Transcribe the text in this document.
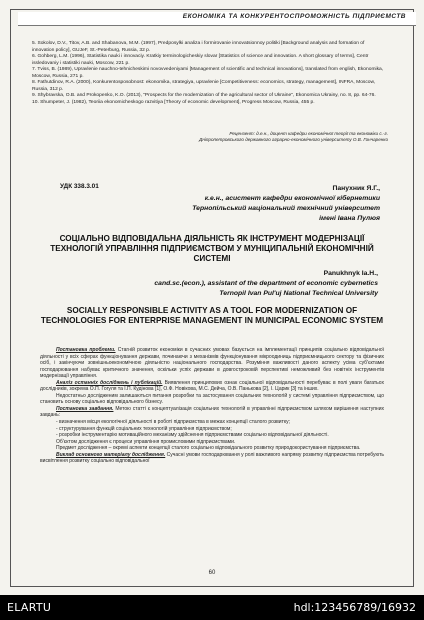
ЕКОНОМІКА ТА КОНКУРЕНТОСПРОМОЖНІСТЬ ПІДПРИЄМСТВ

5. Sokolov, D.V., Titov, A.B. and Shabanova, M.M. (1997), Predposylki analiza i formirovanie innovatsionnoy politiki [Background analysis and formation of innovation policy], GUJeF, St.-Peterburg, Russia, 32 p.

6. Gohberg, L.M. (1996), Statistika nauki i innovaciy. Kratkiy terminologicheskiy slovar [Statistics of science and innovation. A short glossary of terms], Centr issledovaniy i statistiki nauki, Moscow, 221 p.

7. Tviss, B. (1989), Upravlenie nauchno-tehnicheskimi novovvedeniyami [Management of scientific and technical innovations], translated from english, Ekonomika, Moscow, Russia, 271 p.

8. Fathutdinov, R.A. (2000), Konkurentosposobnost: ekonomika, strategiya, upravlenie [Competitiveness: economics, strategy, management], INFRA, Moscow, Russia, 312 p.

9. Shybravska, O.B. and Prokopenko, K.O. (2013), "Prospects for the modernization of the agricultural sector of Ukraine", Ekonomica Ukrainy, no. 8, pp. 64-76.

10. Shumpeter, J. (1982), Teoriia ekonomicheskogo razvitiya [Theory of economic development], Progress Moscow, Russia, 455 p.

Рецензент: д.е.н., доцент кафедри економічної теорії та економіки с.-г.
Дніпропетровського державного аграрно-економічного університету О.В. Гончаренко
УДК 338.3.01	Панухник Я.Г.,
к.е.н., асистент кафедри економічної кібернетики
Тернопільський національний технічний університет
імені Івана Пулюя
СОЦІАЛЬНО ВІДПОВІДАЛЬНА ДІЯЛЬНІСТЬ ЯК ІНСТРУМЕНТ МОДЕРНІЗАЦІЇ ТЕХНОЛОГІЙ УПРАВЛІННЯ ПІДПРИЄМСТВОМ У МУНІЦИПАЛЬНІЙ ЕКОНОМІЧНІЙ СИСТЕМІ
Panukhnyk Ia.H.,
cand.sc.(econ.), assistant of the department of economic cybernetics
Ternopil Ivan Pul'uj National Technical University
SOCIALLY RESPONSIBLE ACTIVITY AS A TOOL FOR MODERNIZATION OF TECHNOLOGIES FOR ENTERPRISE MANAGEMENT IN MUNICIPAL ECONOMIC SYSTEM

Постановка проблеми. Стагній розвиток економіки в сучасних умовах базується на імплементації принципів соціально відповідальної діяльності у всіх сферах функціонування держави, починаючи з механізмів функціонування мікроодиниць підприємницького сектору та фізичних осіб, і закінчуючи зовнішньоекономічною діяльністю національного господарства. Розуміння важливості даного аспекту усіма суб'єктами господарювання набуває критичного значення, оскільки успіх держави в довгостроковій перспективі неможливий без новітніх інструментів модернізації управління.

Аналіз останніх досліджень і публікацій. Виявлення принципових ознак соціальної відповідальності перебуває в полі уваги багатьох дослідників, зокрема О.П. Гогуля та І.П. Кудінова [1], О.Ф. Новікова, М.С. Дейча, О.В. Панькова [2], І. Царик [3] та інших.

Недостатньо дослідженим залишаються питання розробки та застосування соціальних технологій у системі управління підприємством, що становить основу соціально відповідального бізнесу.

Постановка завдання. Метою статті є концептуалізація соціальних технологій в управлінні підприємством шляхом вирішення наступних завдань:

- визначення місця екологічної діяльності в роботі підприємства в межах концепції сталого розвитку;

- структурування функцій соціальних технологій управління підприємством;

- розробки інструментарію мотиваційного механізму здійснення підприємствами соціально відповідальної діяльності.

Об'єктом дослідження є процеси управління промисловими підприємствами.

Предмет дослідження – окремі аспекти концепції сталого соціально відповідального розвитку природокористування підприємства.

Виклад основного матеріалу дослідження. Сучасні умови господарювання у ролі важливого напряму розвитку підприємства потребують висвітлення розвитку соціально відповідальної

60
ELARTU	hdl:123456789/16932
